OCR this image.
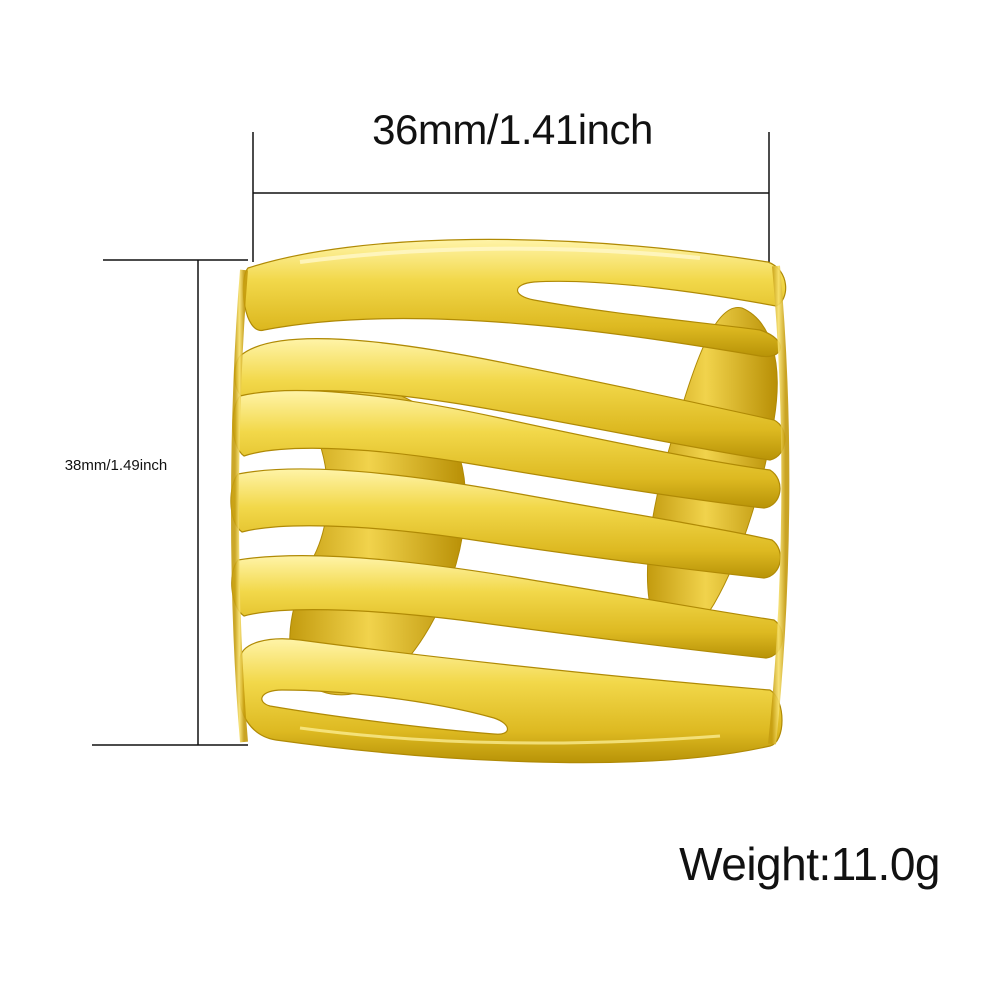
36mm/1.41inch
38mm/1.49inch
Weight:11.0g
